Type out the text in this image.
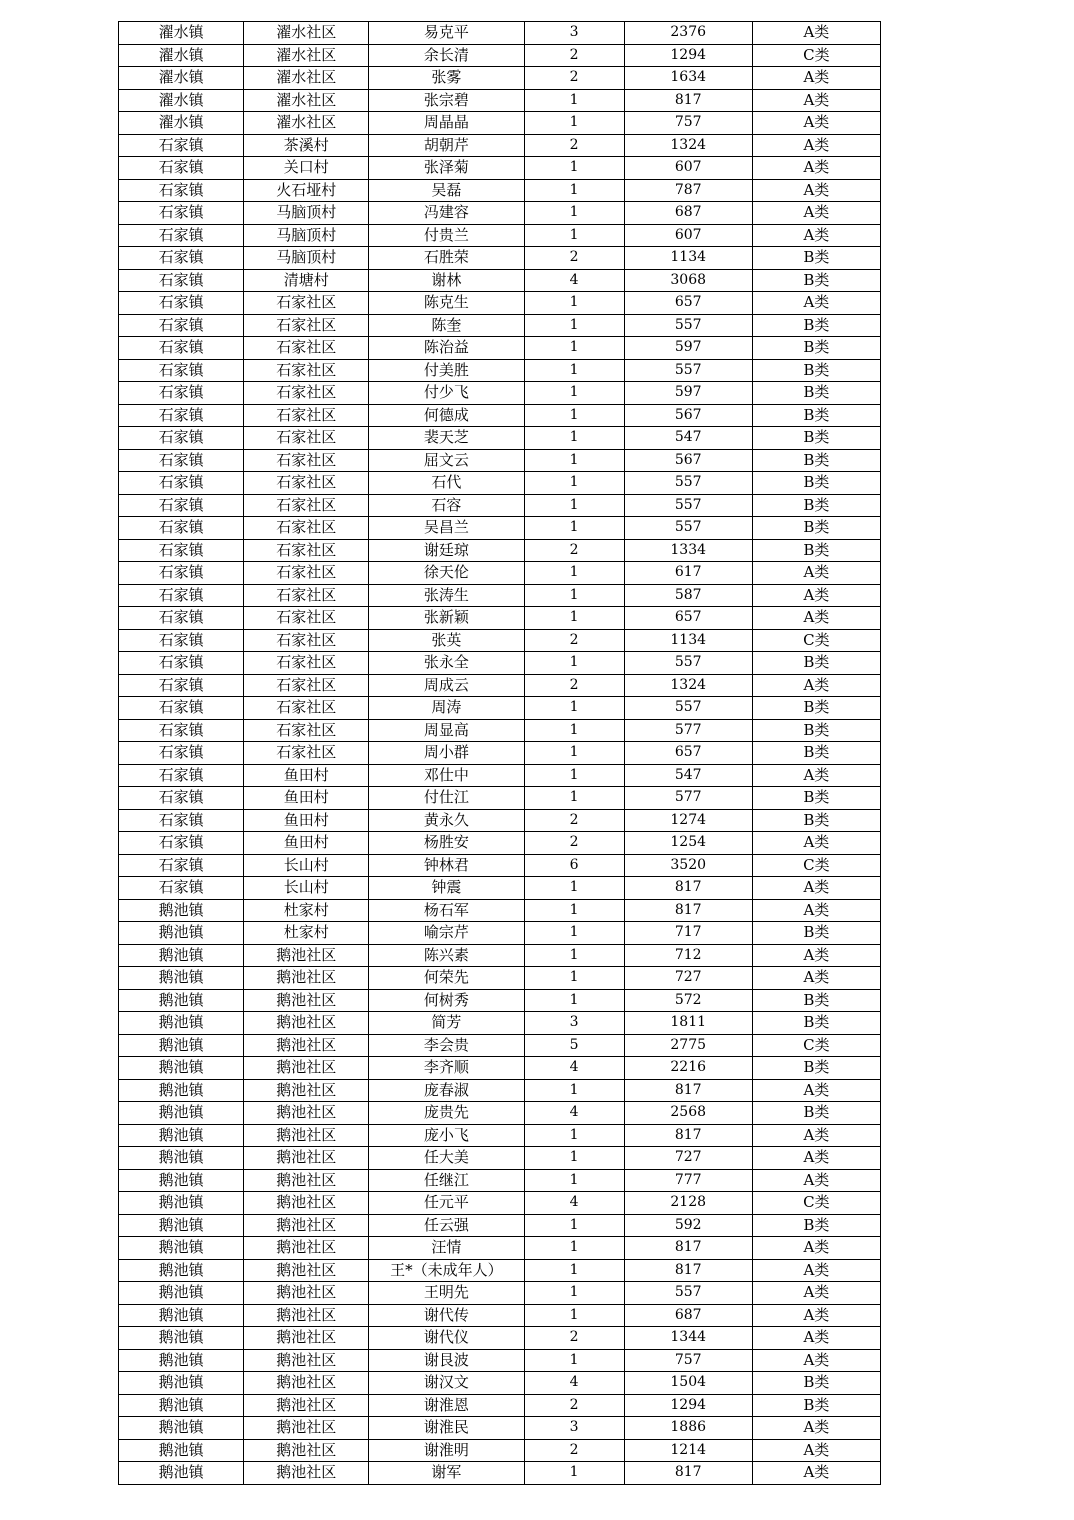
濯水镇	濯水社区	易克平	3	2376	A类
濯水镇	濯水社区	余长清	2	1294	C类
濯水镇	濯水社区	张雾	2	1634	A类
濯水镇	濯水社区	张宗碧	1	817	A类
濯水镇	濯水社区	周晶晶	1	757	A类
石家镇	茶溪村	胡朝芹	2	1324	A类
石家镇	关口村	张泽菊	1	607	A类
石家镇	火石垭村	吴磊	1	787	A类
石家镇	马脑顶村	冯建容	1	687	A类
石家镇	马脑顶村	付贵兰	1	607	A类
石家镇	马脑顶村	石胜荣	2	1134	B类
石家镇	清塘村	谢林	4	3068	B类
石家镇	石家社区	陈克生	1	657	A类
石家镇	石家社区	陈奎	1	557	B类
石家镇	石家社区	陈治益	1	597	B类
石家镇	石家社区	付美胜	1	557	B类
石家镇	石家社区	付少飞	1	597	B类
石家镇	石家社区	何德成	1	567	B类
石家镇	石家社区	裴天芝	1	547	B类
石家镇	石家社区	屈文云	1	567	B类
石家镇	石家社区	石代	1	557	B类
石家镇	石家社区	石容	1	557	B类
石家镇	石家社区	吴昌兰	1	557	B类
石家镇	石家社区	谢廷琼	2	1334	B类
石家镇	石家社区	徐天伦	1	617	A类
石家镇	石家社区	张涛生	1	587	A类
石家镇	石家社区	张新颖	1	657	A类
石家镇	石家社区	张英	2	1134	C类
石家镇	石家社区	张永全	1	557	B类
石家镇	石家社区	周成云	2	1324	A类
石家镇	石家社区	周涛	1	557	B类
石家镇	石家社区	周显高	1	577	B类
石家镇	石家社区	周小群	1	657	B类
石家镇	鱼田村	邓仕中	1	547	A类
石家镇	鱼田村	付仕江	1	577	B类
石家镇	鱼田村	黄永久	2	1274	B类
石家镇	鱼田村	杨胜安	2	1254	A类
石家镇	长山村	钟林君	6	3520	C类
石家镇	长山村	钟震	1	817	A类
鹅池镇	杜家村	杨石军	1	817	A类
鹅池镇	杜家村	喻宗芹	1	717	B类
鹅池镇	鹅池社区	陈兴素	1	712	A类
鹅池镇	鹅池社区	何荣先	1	727	A类
鹅池镇	鹅池社区	何树秀	1	572	B类
鹅池镇	鹅池社区	简芳	3	1811	B类
鹅池镇	鹅池社区	李会贵	5	2775	C类
鹅池镇	鹅池社区	李齐顺	4	2216	B类
鹅池镇	鹅池社区	庞春淑	1	817	A类
鹅池镇	鹅池社区	庞贵先	4	2568	B类
鹅池镇	鹅池社区	庞小飞	1	817	A类
鹅池镇	鹅池社区	任大美	1	727	A类
鹅池镇	鹅池社区	任继江	1	777	A类
鹅池镇	鹅池社区	任元平	4	2128	C类
鹅池镇	鹅池社区	任云强	1	592	B类
鹅池镇	鹅池社区	汪情	1	817	A类
鹅池镇	鹅池社区	王*（未成年人）	1	817	A类
鹅池镇	鹅池社区	王明先	1	557	A类
鹅池镇	鹅池社区	谢代传	1	687	A类
鹅池镇	鹅池社区	谢代仪	2	1344	A类
鹅池镇	鹅池社区	谢艮波	1	757	A类
鹅池镇	鹅池社区	谢汉文	4	1504	B类
鹅池镇	鹅池社区	谢淮恩	2	1294	B类
鹅池镇	鹅池社区	谢淮民	3	1886	A类
鹅池镇	鹅池社区	谢淮明	2	1214	A类
鹅池镇	鹅池社区	谢军	1	817	A类
